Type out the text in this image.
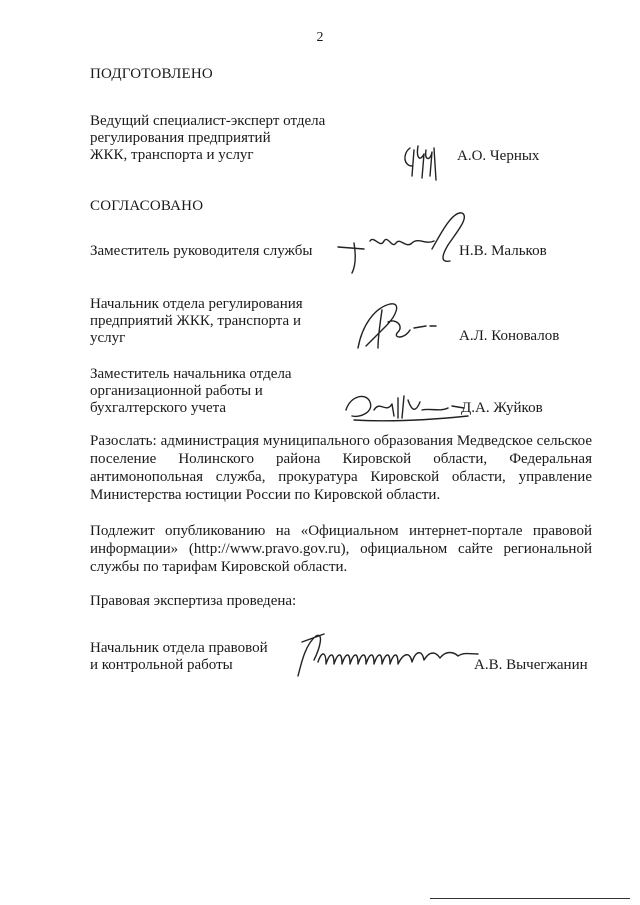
2
ПОДГОТОВЛЕНО
Ведущий специалист-эксперт отдела
регулирования предприятий
ЖКК, транспорта и услуг	А.О. Черных
СОГЛАСОВАНО
Заместитель руководителя службы	Н.В. Мальков
Начальник отдела регулирования
предприятий ЖКК, транспорта и
услуг	А.Л. Коновалов
Заместитель начальника отдела
организационной работы и
бухгалтерского учета	Д.А. Жуйков
Разослать: администрация муниципального образования Медведское сельское поселение Нолинского района Кировской области, Федеральная антимонопольная служба, прокуратура Кировской области, управление Министерства юстиции России по Кировской области.
Подлежит опубликованию на «Официальном интернет-портале правовой информации» (http://www.pravo.gov.ru), официальном сайте региональной службы по тарифам Кировской области.
Правовая экспертиза проведена:
Начальник отдела правовой
и контрольной работы	А.В. Вычегжанин
